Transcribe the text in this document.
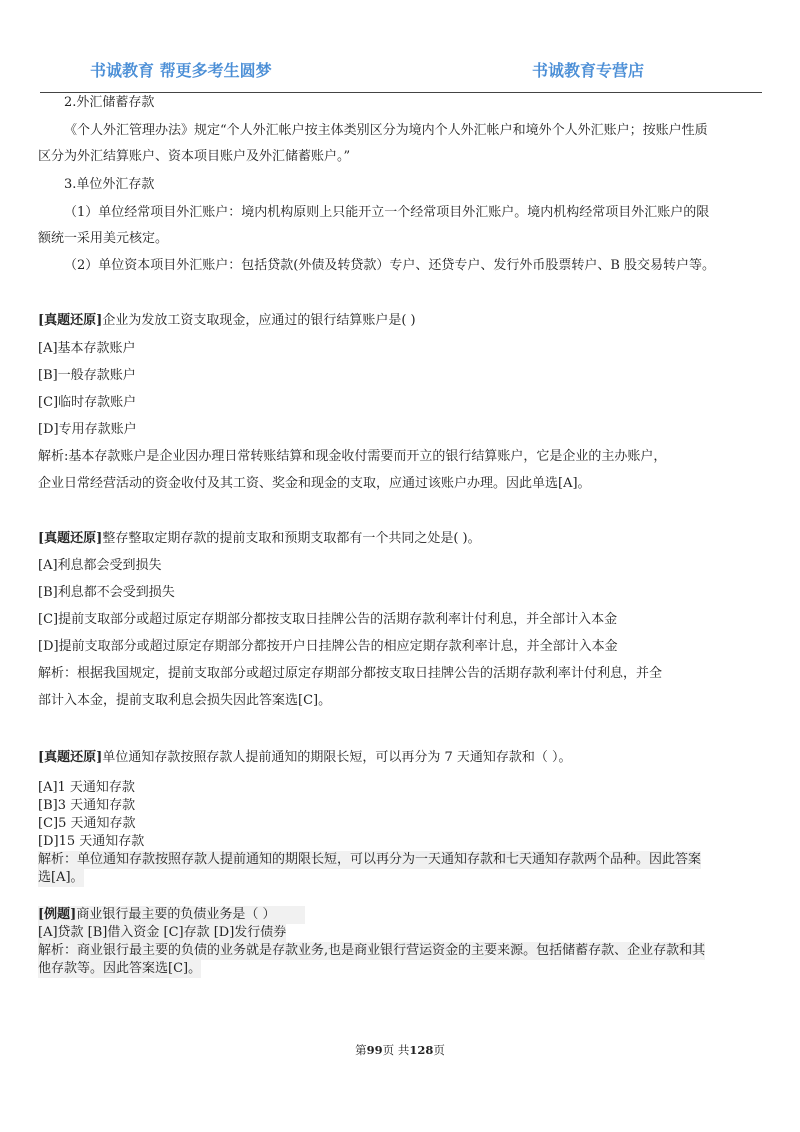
书诚教育 帮更多考生圆梦	书诚教育专营店
2.外汇储蓄存款
《个人外汇管理办法》规定“个人外汇帐户按主体类别区分为境内个人外汇帐户和境外个人外汇账户；按账户性质
区分为外汇结算账户、资本项目账户及外汇储蓄账户。”
3.单位外汇存款
（1）单位经常项目外汇账户：境内机构原则上只能开立一个经常项目外汇账户。境内机构经常项目外汇账户的限
额统一采用美元核定。
（2）单位资本项目外汇账户：包括贷款(外债及转贷款）专户、还贷专户、发行外币股票转户、B 股交易转户等。
[真题还原]企业为发放工资支取现金，应通过的银行结算账户是( )
[A]基本存款账户
[B]一般存款账户
[C]临时存款账户
[D]专用存款账户
解析:基本存款账户是企业因办理日常转账结算和现金收付需要而开立的银行结算账户，它是企业的主办账户，
企业日常经营活动的资金收付及其工资、奖金和现金的支取，应通过该账户办理。因此单选[A]。
[真题还原]整存整取定期存款的提前支取和预期支取都有一个共同之处是( )。
[A]利息都会受到损失
[B]利息都不会受到损失
[C]提前支取部分或超过原定存期部分都按支取日挂牌公告的活期存款利率计付利息，并全部计入本金
[D]提前支取部分或超过原定存期部分都按开户日挂牌公告的相应定期存款利率计息，并全部计入本金
解析：根据我国规定，提前支取部分或超过原定存期部分都按支取日挂牌公告的活期存款利率计付利息，并全
部计入本金，提前支取利息会损失因此答案选[C]。
[真题还原]单位通知存款按照存款人提前通知的期限长短，可以再分为 7 天通知存款和（ ）。
[A]1 天通知存款
[B]3 天通知存款
[C]5 天通知存款
[D]15 天通知存款
解析：单位通知存款按照存款人提前通知的期限长短，可以再分为一天通知存款和七天通知存款两个品种。因此答案
选[A]。
[例题]商业银行最主要的负债业务是（ ）
[A]贷款 [B]借入资金 [C]存款 [D]发行债券
解析：商业银行最主要的负债的业务就是存款业务,也是商业银行营运资金的主要来源。包括储蓄存款、企业存款和其
他存款等。因此答案选[C]。
第99页 共128页
